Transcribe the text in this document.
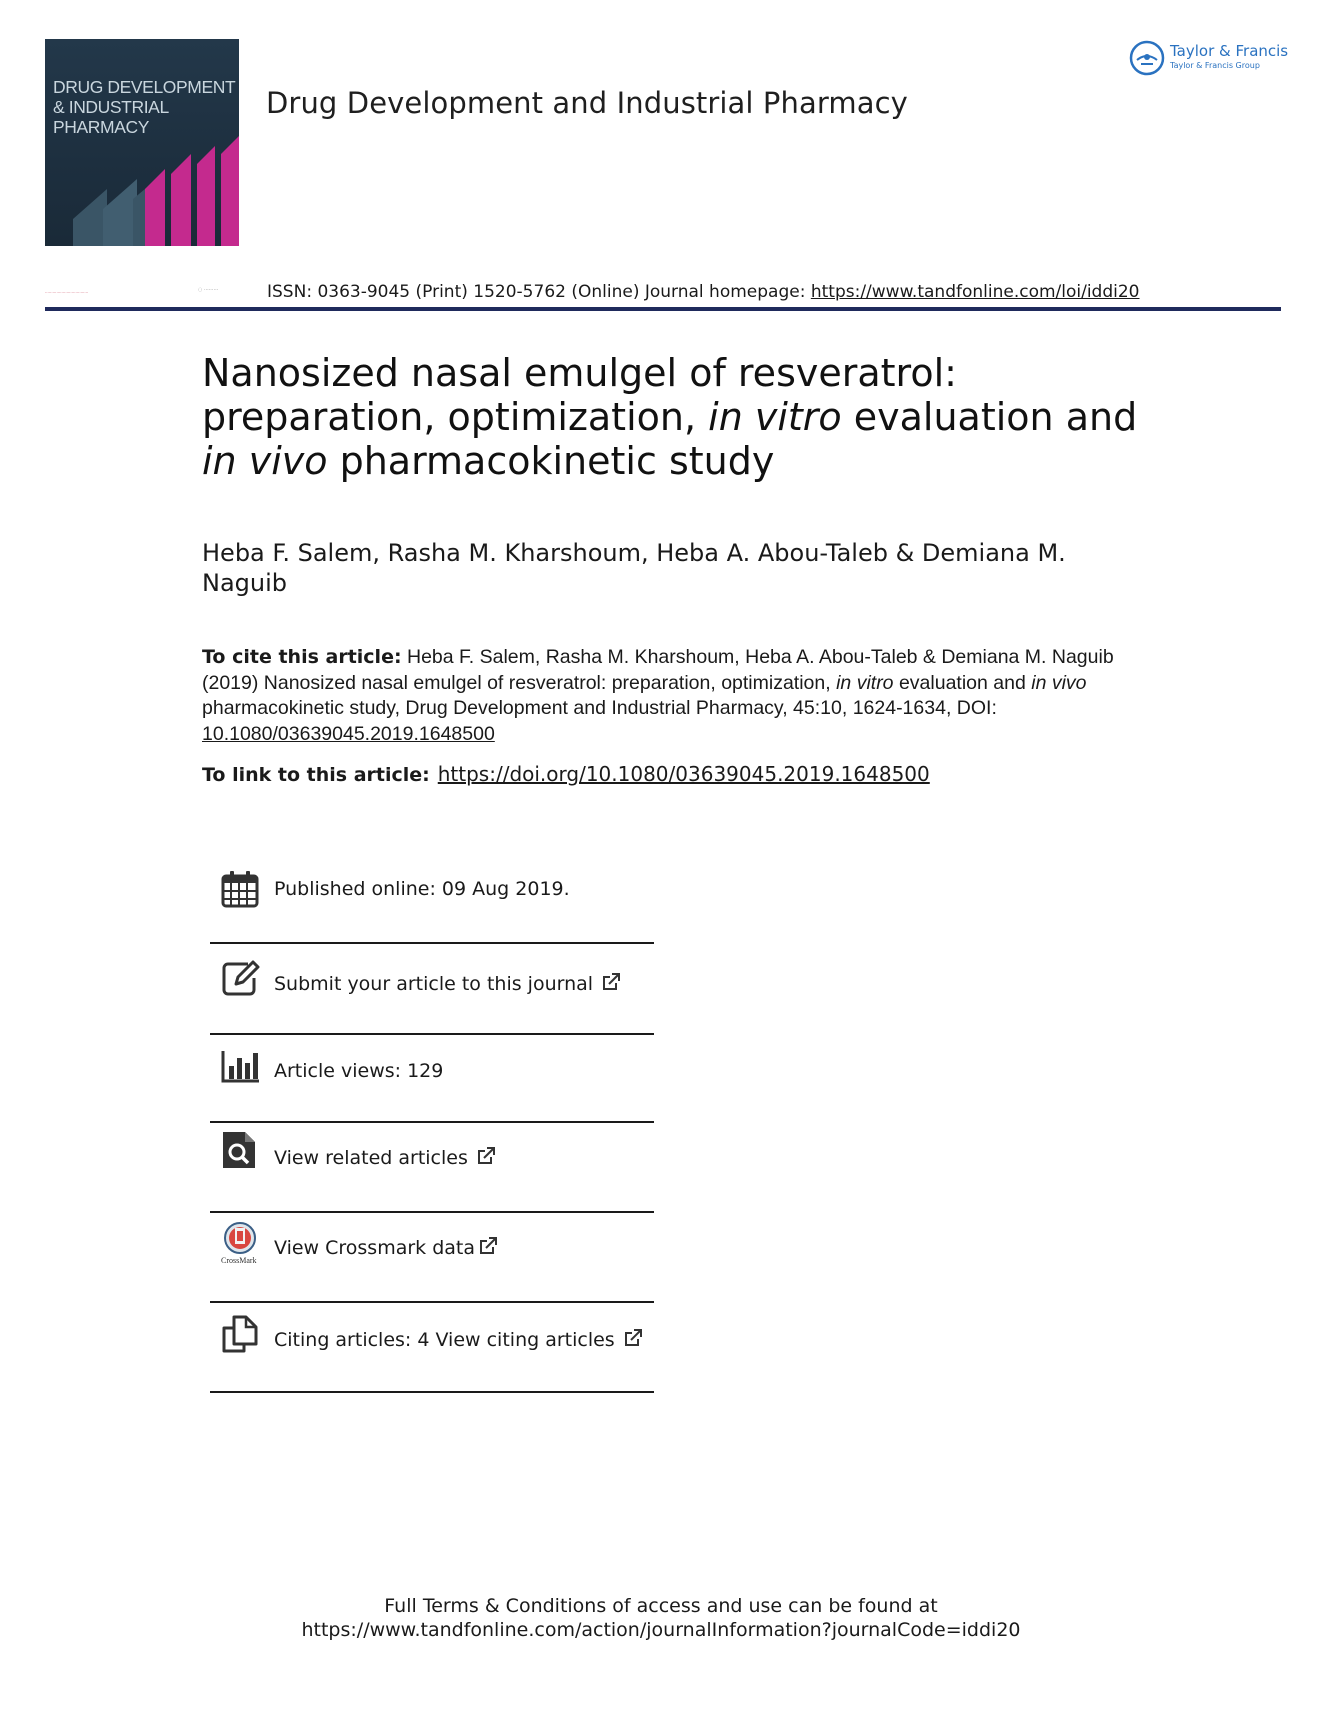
DRUG DEVELOPMENT & INDUSTRIAL PHARMACY
Drug Development and Industrial Pharmacy
Taylor & Francis
Taylor & Francis Group
..................................	◌ ·········	ISSN: 0363-9045 (Print) 1520-5762 (Online) Journal homepage: https://www.tandfonline.com/loi/iddi20
Nanosized nasal emulgel of resveratrol:
preparation, optimization, in vitro evaluation and
in vivo pharmacokinetic study
Heba F. Salem, Rasha M. Kharshoum, Heba A. Abou-Taleb & Demiana M. Naguib
To cite this article: Heba F. Salem, Rasha M. Kharshoum, Heba A. Abou-Taleb & Demiana M. Naguib (2019) Nanosized nasal emulgel of resveratrol: preparation, optimization, in vitro evaluation and in vivo pharmacokinetic study, Drug Development and Industrial Pharmacy, 45:10, 1624-1634, DOI: 10.1080/03639045.2019.1648500
To link to this article: https://doi.org/10.1080/03639045.2019.1648500
Published online: 09 Aug 2019.
Submit your article to this journal
Article views: 129
View related articles
CrossMark
View Crossmark data
Citing articles: 4 View citing articles
Full Terms & Conditions of access and use can be found at
https://www.tandfonline.com/action/journalInformation?journalCode=iddi20
